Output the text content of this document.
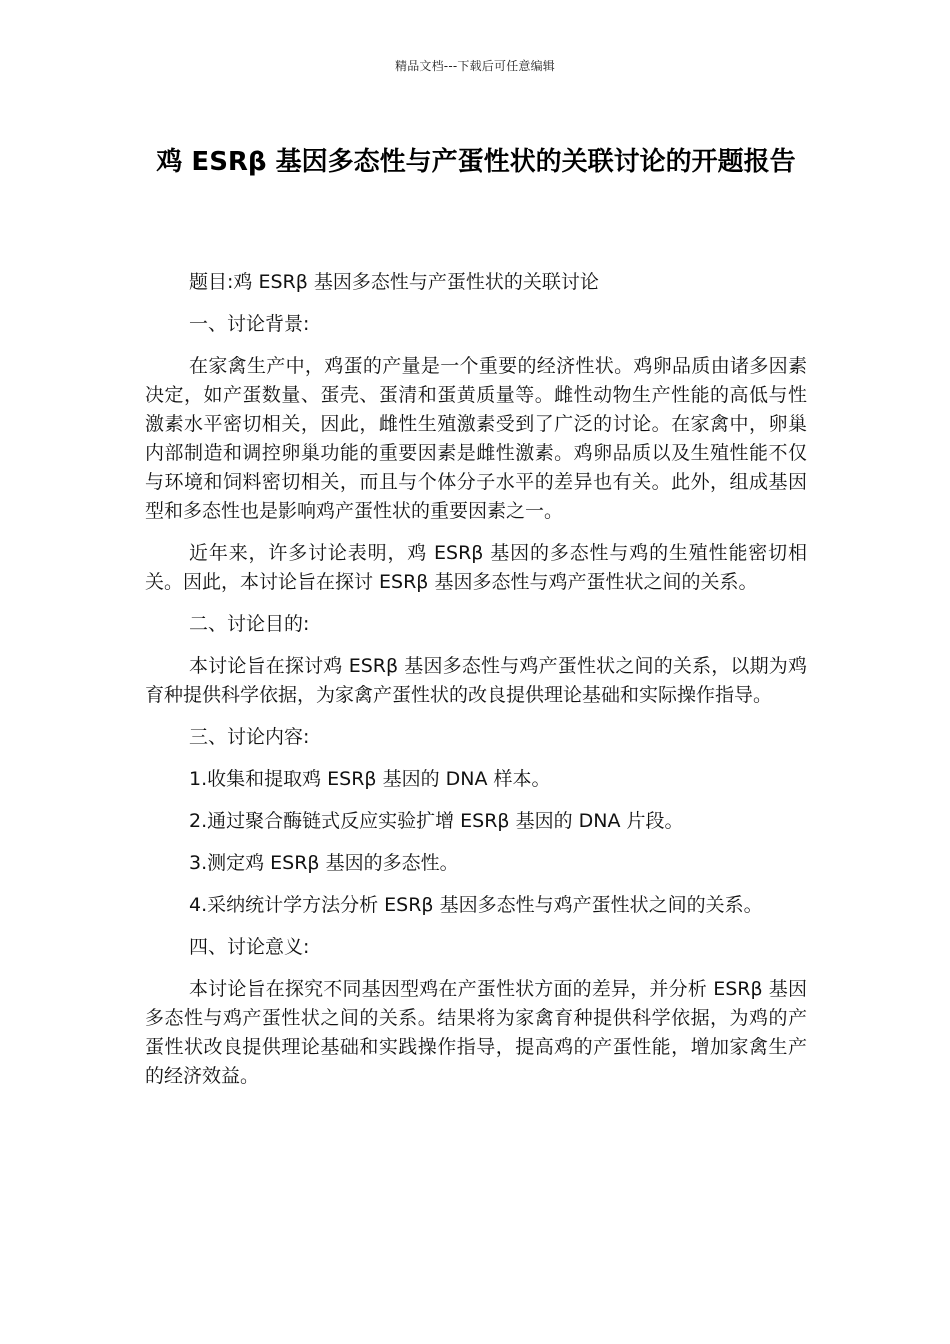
精品文档---下载后可任意编辑
鸡 ESRβ 基因多态性与产蛋性状的关联讨论的开题报告

题目:鸡 ESRβ 基因多态性与产蛋性状的关联讨论

一、讨论背景:

在家禽生产中，鸡蛋的产量是一个重要的经济性状。鸡卵品质由诸多因素决定，如产蛋数量、蛋壳、蛋清和蛋黄质量等。雌性动物生产性能的高低与性激素水平密切相关，因此，雌性生殖激素受到了广泛的讨论。在家禽中，卵巢内部制造和调控卵巢功能的重要因素是雌性激素。鸡卵品质以及生殖性能不仅与环境和饲料密切相关，而且与个体分子水平的差异也有关。此外，组成基因型和多态性也是影响鸡产蛋性状的重要因素之一。

近年来，许多讨论表明，鸡 ESRβ 基因的多态性与鸡的生殖性能密切相关。因此，本讨论旨在探讨 ESRβ 基因多态性与鸡产蛋性状之间的关系。

二、讨论目的:

本讨论旨在探讨鸡 ESRβ 基因多态性与鸡产蛋性状之间的关系，以期为鸡育种提供科学依据，为家禽产蛋性状的改良提供理论基础和实际操作指导。

三、讨论内容:

1.收集和提取鸡 ESRβ 基因的 DNA 样本。

2.通过聚合酶链式反应实验扩增 ESRβ 基因的 DNA 片段。

3.测定鸡 ESRβ 基因的多态性。

4.采纳统计学方法分析 ESRβ 基因多态性与鸡产蛋性状之间的关系。

四、讨论意义:

本讨论旨在探究不同基因型鸡在产蛋性状方面的差异，并分析 ESRβ 基因多态性与鸡产蛋性状之间的关系。结果将为家禽育种提供科学依据，为鸡的产蛋性状改良提供理论基础和实践操作指导，提高鸡的产蛋性能，增加家禽生产的经济效益。
